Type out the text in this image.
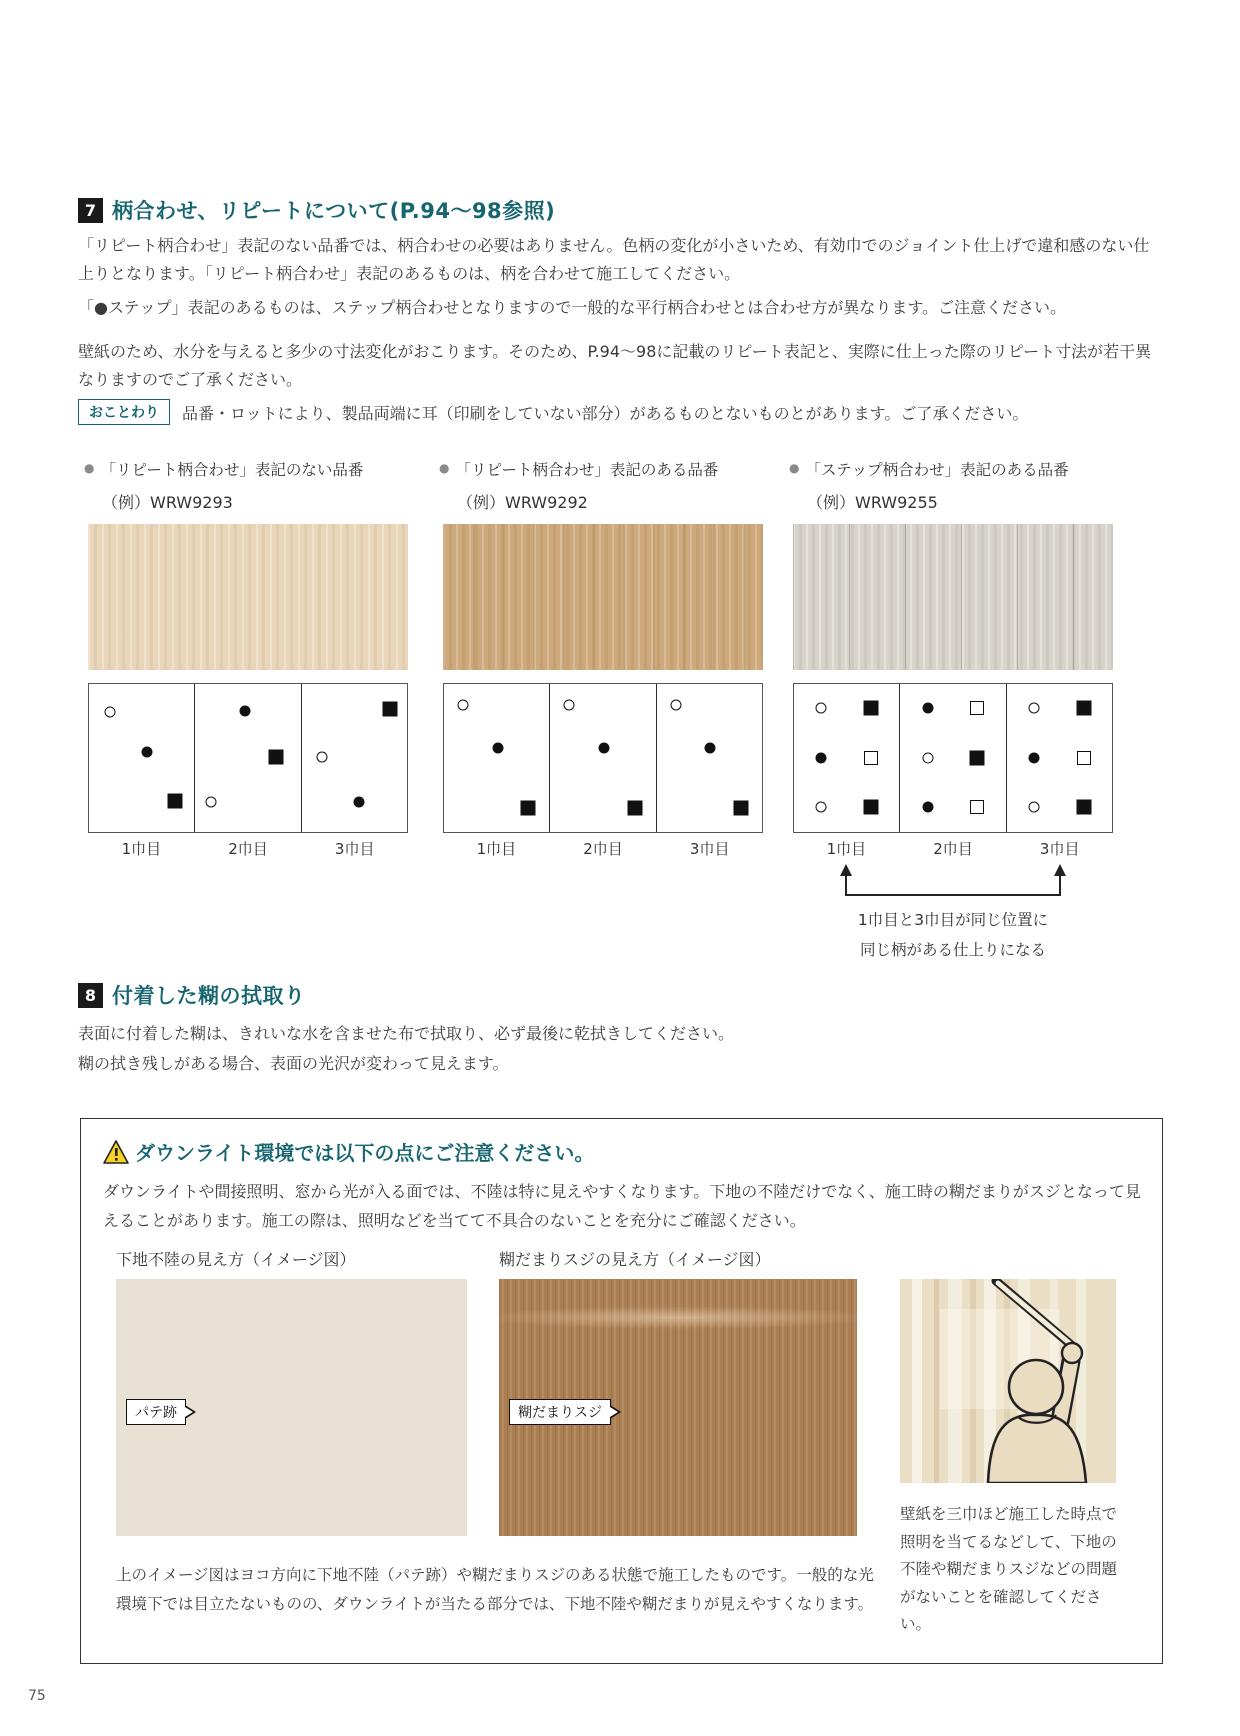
7 柄合わせ、リピートについて(P.94～98参照)
「リピート柄合わせ」表記のない品番では、柄合わせの必要はありません。色柄の変化が小さいため、有効巾でのジョイント仕上げで違和感のない仕上りとなります。「リピート柄合わせ」表記のあるものは、柄を合わせて施工してください。
「●ステップ」表記のあるものは、ステップ柄合わせとなりますので一般的な平行柄合わせとは合わせ方が異なります。ご注意ください。
壁紙のため、水分を与えると多少の寸法変化がおこります。そのため、P.94～98に記載のリピート表記と、実際に仕上った際のリピート寸法が若干異なりますのでご了承ください。
おことわり	品番・ロットにより、製品両端に耳（印刷をしていない部分）があるものとないものとがあります。ご了承ください。
● 「リピート柄合わせ」表記のない品番
（例）WRW9293
1巾目	2巾目	3巾目
● 「リピート柄合わせ」表記のある品番
（例）WRW9292
1巾目	2巾目	3巾目
● 「ステップ柄合わせ」表記のある品番
（例）WRW9255
1巾目	2巾目	3巾目
1巾目と3巾目が同じ位置に
同じ柄がある仕上りになる
8 付着した糊の拭取り
表面に付着した糊は、きれいな水を含ませた布で拭取り、必ず最後に乾拭きしてください。
糊の拭き残しがある場合、表面の光沢が変わって見えます。
ダウンライト環境では以下の点にご注意ください。
ダウンライトや間接照明、窓から光が入る面では、不陸は特に見えやすくなります。下地の不陸だけでなく、施工時の糊だまりがスジとなって見えることがあります。施工の際は、照明などを当てて不具合のないことを充分にご確認ください。
下地不陸の見え方（イメージ図）	糊だまりスジの見え方（イメージ図）
パテ跡	糊だまりスジ
壁紙を三巾ほど施工した時点で照明を当てるなどして、下地の不陸や糊だまりスジなどの問題がないことを確認してください。
上のイメージ図はヨコ方向に下地不陸（パテ跡）や糊だまりスジのある状態で施工したものです。一般的な光環境下では目立たないものの、ダウンライトが当たる部分では、下地不陸や糊だまりが見えやすくなります。
75
